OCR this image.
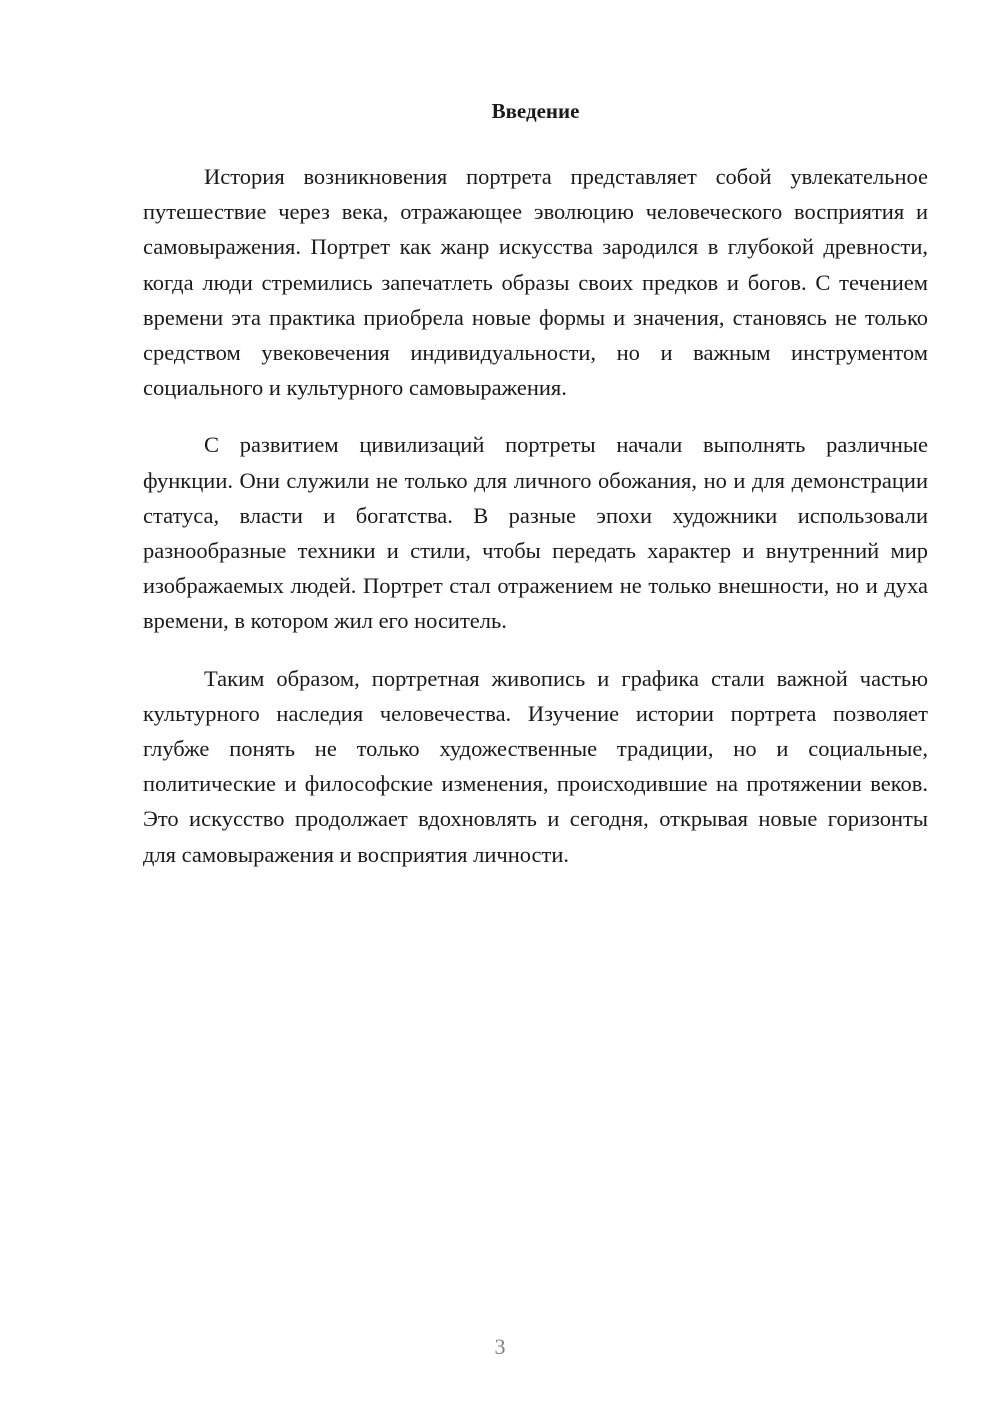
Введение

История возникновения портрета представляет собой увлекательное путешествие через века, отражающее эволюцию человеческого восприятия и самовыражения. Портрет как жанр искусства зародился в глубокой древности, когда люди стремились запечатлеть образы своих предков и богов. С течением времени эта практика приобрела новые формы и значения, становясь не только средством увековечения индивидуальности, но и важным инструментом социального и культурного самовыражения.

С развитием цивилизаций портреты начали выполнять различные функции. Они служили не только для личного обожания, но и для демонстрации статуса, власти и богатства. В разные эпохи художники использовали разнообразные техники и стили, чтобы передать характер и внутренний мир изображаемых людей. Портрет стал отражением не только внешности, но и духа времени, в котором жил его носитель.

Таким образом, портретная живопись и графика стали важной частью культурного наследия человечества. Изучение истории портрета позволяет глубже понять не только художественные традиции, но и социальные, политические и философские изменения, происходившие на протяжении веков. Это искусство продолжает вдохновлять и сегодня, открывая новые горизонты для самовыражения и восприятия личности.

3
